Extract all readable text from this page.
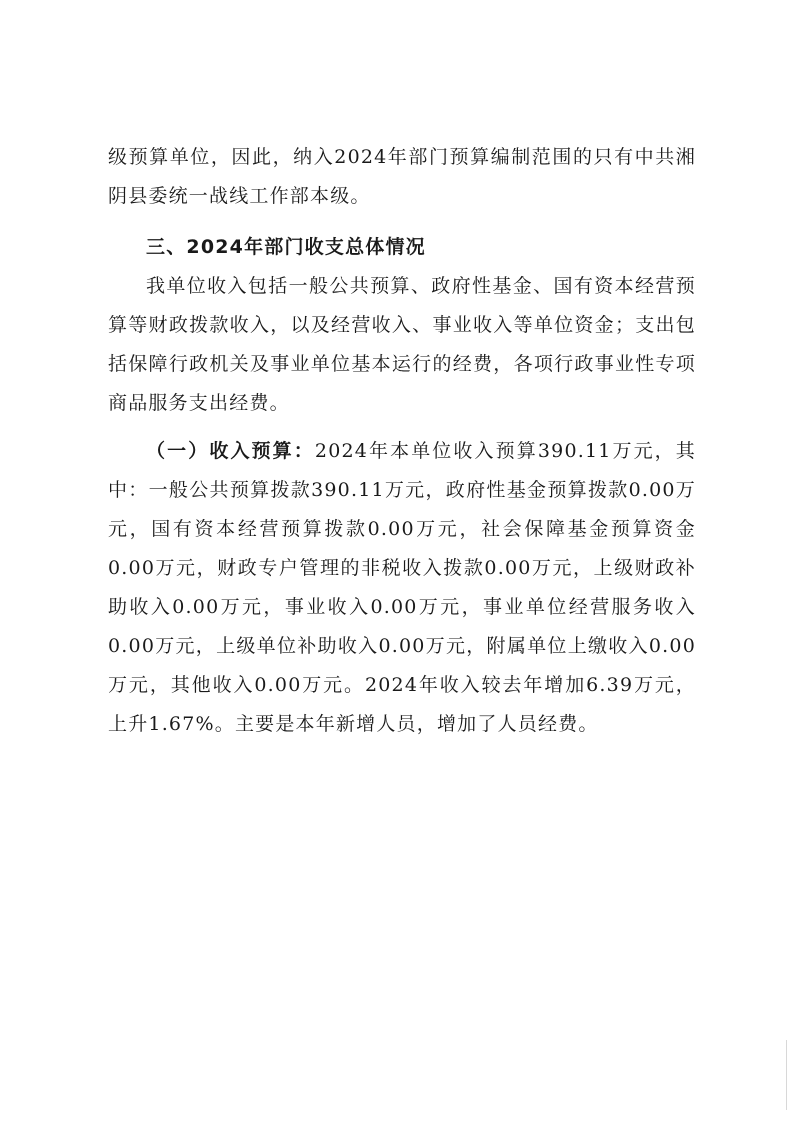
级预算单位，因此，纳入2024年部门预算编制范围的只有中共湘阴县委统一战线工作部本级。

三、2024年部门收支总体情况

我单位收入包括一般公共预算、政府性基金、国有资本经营预算等财政拨款收入，以及经营收入、事业收入等单位资金；支出包括保障行政机关及事业单位基本运行的经费，各项行政事业性专项商品服务支出经费。

（一）收入预算：2024年本单位收入预算390.11万元，其中：一般公共预算拨款390.11万元，政府性基金预算拨款0.00万元，国有资本经营预算拨款0.00万元，社会保障基金预算资金0.00万元，财政专户管理的非税收入拨款0.00万元，上级财政补助收入0.00万元，事业收入0.00万元，事业单位经营服务收入0.00万元，上级单位补助收入0.00万元，附属单位上缴收入0.00万元，其他收入0.00万元。2024年收入较去年增加6.39万元，上升1.67%。主要是本年新增人员，增加了人员经费。
